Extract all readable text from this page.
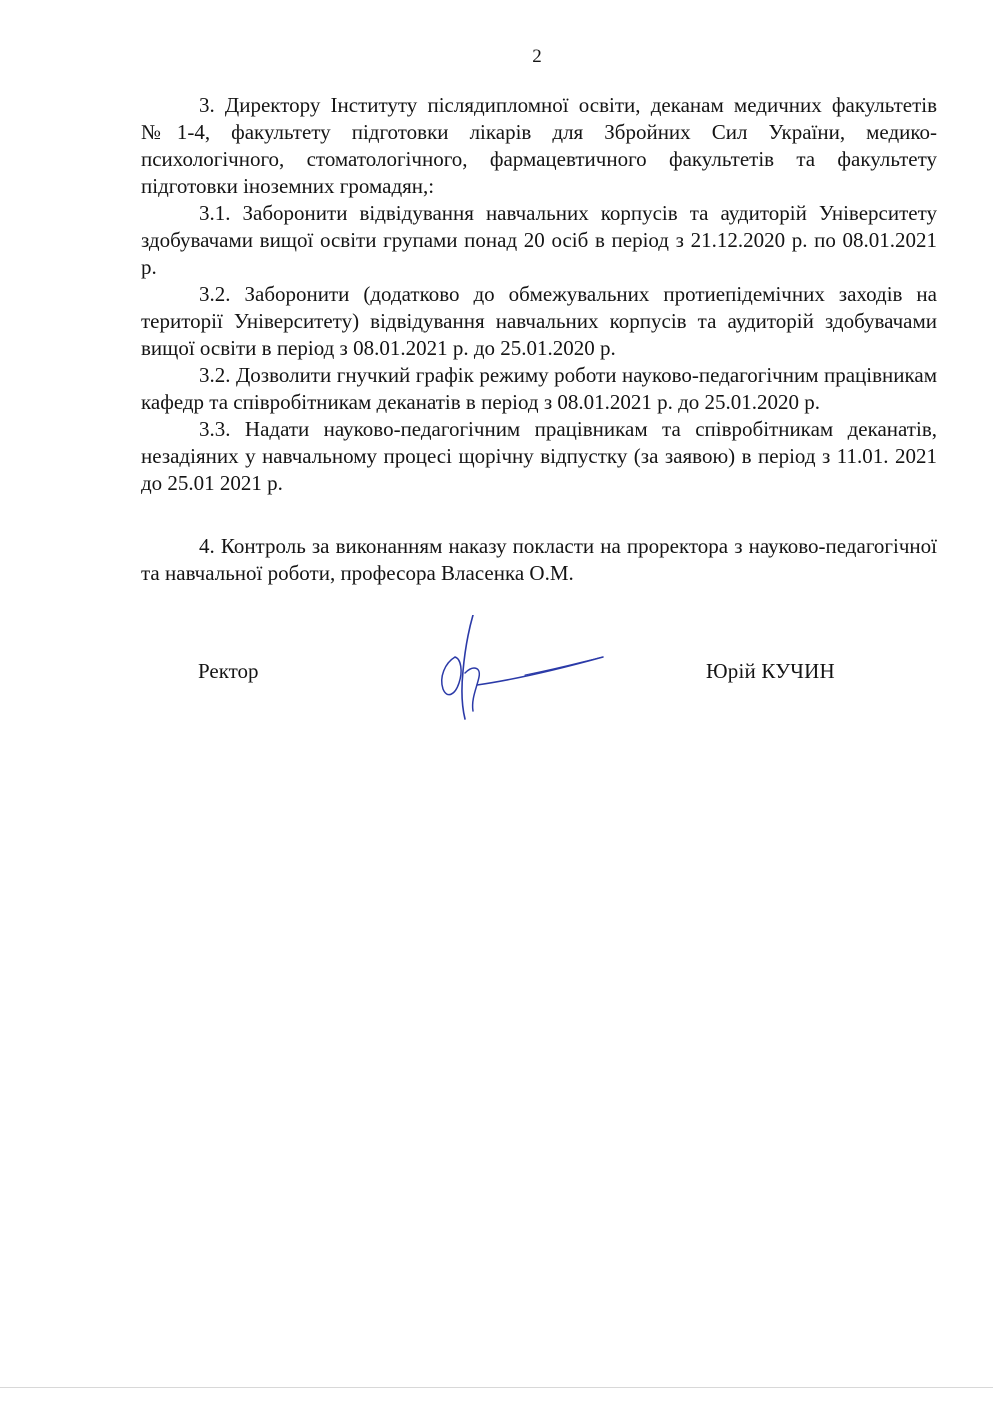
2

3. Директору Інституту післядипломної освіти, деканам медичних факультетів №1-4, факультету підготовки лікарів для Збройних Сил України, медико-психологічного, стоматологічного, фармацевтичного факультетів та факультету підготовки іноземних громадян,:

3.1. Заборонити відвідування навчальних корпусів та аудиторій Університету здобувачами вищої освіти групами понад 20 осіб в період з 21.12.2020 р. по 08.01.2021 р.

3.2. Заборонити (додатково до обмежувальних протиепідемічних заходів на території Університету) відвідування навчальних корпусів та аудиторій здобувачами вищої освіти в період з 08.01.2021 р. до 25.01.2020 р.

3.2. Дозволити гнучкий графік режиму роботи науково-педагогічним працівникам кафедр та співробітникам деканатів в період з 08.01.2021 р. до 25.01.2020 р.

3.3. Надати науково-педагогічним працівникам та співробітникам деканатів, незадіяних у навчальному процесі щорічну відпустку (за заявою) в період з 11.01. 2021 до 25.01 2021 р.

4. Контроль за виконанням наказу покласти на проректора з науково-педагогічної та навчальної роботи, професора Власенка О.М.

Ректор	Юрій КУЧИН
